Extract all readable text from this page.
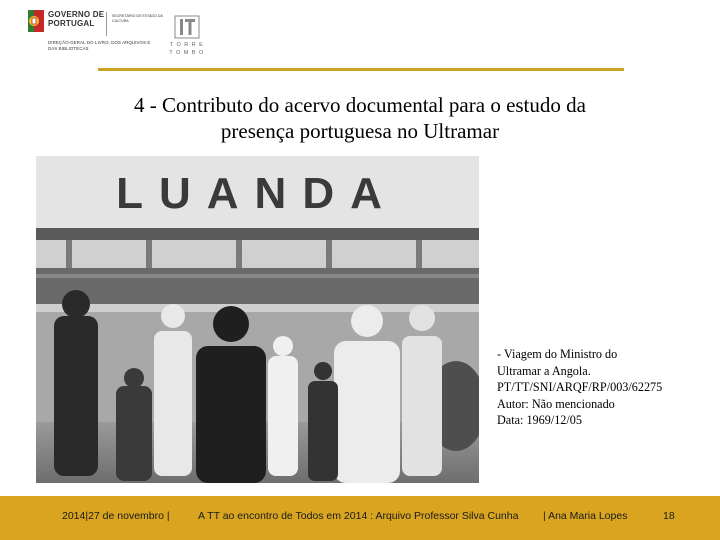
GOVERNO DE
PORTUGAL
SECRETÁRIO DE ESTADO DA CULTURA
DIREÇÃO-GERAL DO LIVRO, DOS ARQUIVOS E DAS BIBLIOTECAS
TORRE
TOMBO
4 - Contributo do acervo documental para o estudo da
presença portuguesa no Ultramar
LUANDA
- Viagem do Ministro do
Ultramar a Angola.
PT/TT/SNI/ARQF/RP/003/62275
Autor: Não mencionado
Data: 1969/12/05
2014|27 de novembro |	A TT ao encontro de Todos em 2014 : Arquivo Professor Silva Cunha | Ana Maria Lopes	18
